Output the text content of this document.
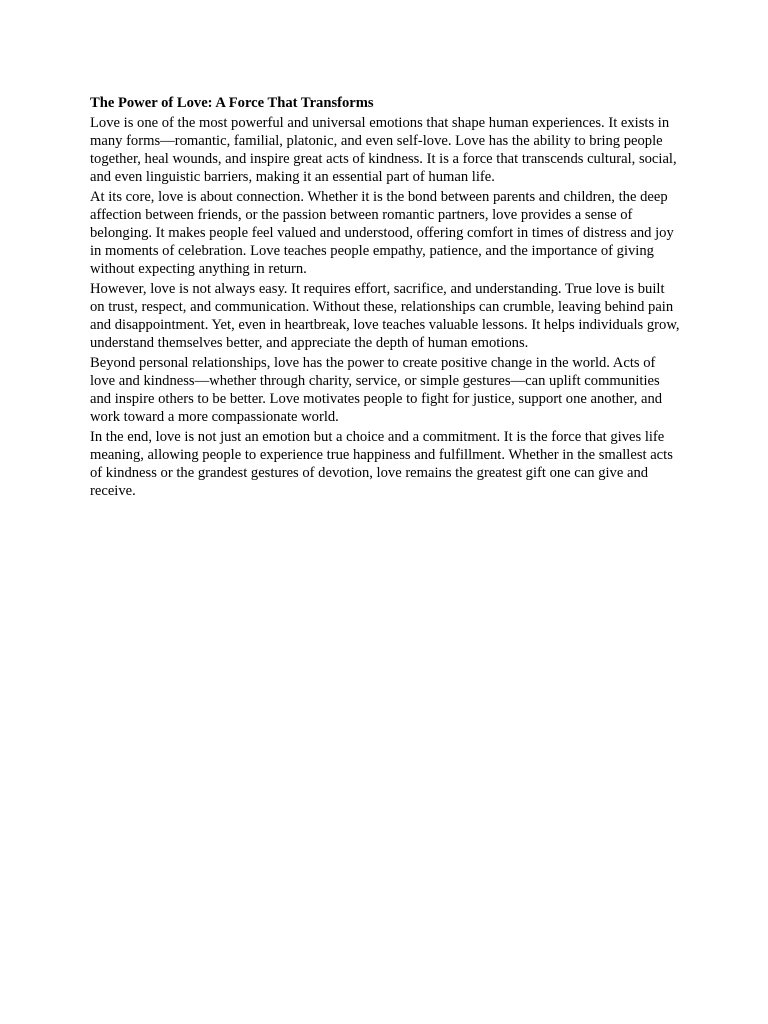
The Power of Love: A Force That Transforms

Love is one of the most powerful and universal emotions that shape human experiences. It exists in many forms—romantic, familial, platonic, and even self-love. Love has the ability to bring people together, heal wounds, and inspire great acts of kindness. It is a force that transcends cultural, social, and even linguistic barriers, making it an essential part of human life.

At its core, love is about connection. Whether it is the bond between parents and children, the deep affection between friends, or the passion between romantic partners, love provides a sense of belonging. It makes people feel valued and understood, offering comfort in times of distress and joy in moments of celebration. Love teaches people empathy, patience, and the importance of giving without expecting anything in return.

However, love is not always easy. It requires effort, sacrifice, and understanding. True love is built on trust, respect, and communication. Without these, relationships can crumble, leaving behind pain and disappointment. Yet, even in heartbreak, love teaches valuable lessons. It helps individuals grow, understand themselves better, and appreciate the depth of human emotions.

Beyond personal relationships, love has the power to create positive change in the world. Acts of love and kindness—whether through charity, service, or simple gestures—can uplift communities and inspire others to be better. Love motivates people to fight for justice, support one another, and work toward a more compassionate world.

In the end, love is not just an emotion but a choice and a commitment. It is the force that gives life meaning, allowing people to experience true happiness and fulfillment. Whether in the smallest acts of kindness or the grandest gestures of devotion, love remains the greatest gift one can give and receive.
